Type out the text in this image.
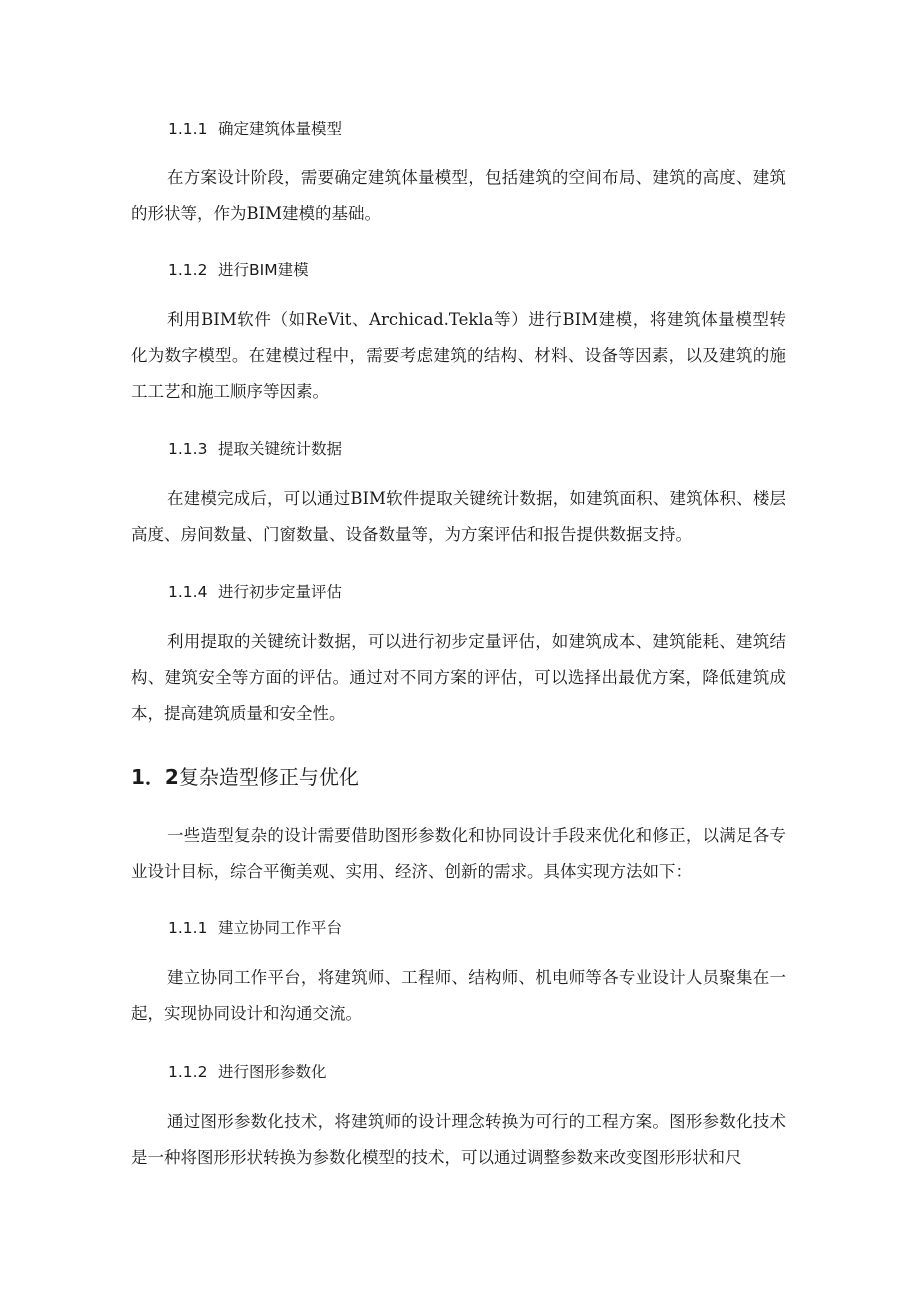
1.1.1 确定建筑体量模型

在方案设计阶段，需要确定建筑体量模型，包括建筑的空间布局、建筑的高度、建筑的形状等，作为BIM建模的基础。

1.1.2 进行BIM建模

利用BIM软件（如ReVit、Archicad.Tekla等）进行BIM建模，将建筑体量模型转化为数字模型。在建模过程中，需要考虑建筑的结构、材料、设备等因素，以及建筑的施工工艺和施工顺序等因素。

1.1.3 提取关键统计数据

在建模完成后，可以通过BIM软件提取关键统计数据，如建筑面积、建筑体积、楼层高度、房间数量、门窗数量、设备数量等，为方案评估和报告提供数据支持。

1.1.4 进行初步定量评估

利用提取的关键统计数据，可以进行初步定量评估，如建筑成本、建筑能耗、建筑结构、建筑安全等方面的评估。通过对不同方案的评估，可以选择出最优方案，降低建筑成本，提高建筑质量和安全性。

1．2复杂造型修正与优化

一些造型复杂的设计需要借助图形参数化和协同设计手段来优化和修正，以满足各专业设计目标，综合平衡美观、实用、经济、创新的需求。具体实现方法如下：

1.1.1 建立协同工作平台

建立协同工作平台，将建筑师、工程师、结构师、机电师等各专业设计人员聚集在一起，实现协同设计和沟通交流。

1.1.2 进行图形参数化

通过图形参数化技术，将建筑师的设计理念转换为可行的工程方案。图形参数化技术是一种将图形形状转换为参数化模型的技术，可以通过调整参数来改变图形形状和尺
